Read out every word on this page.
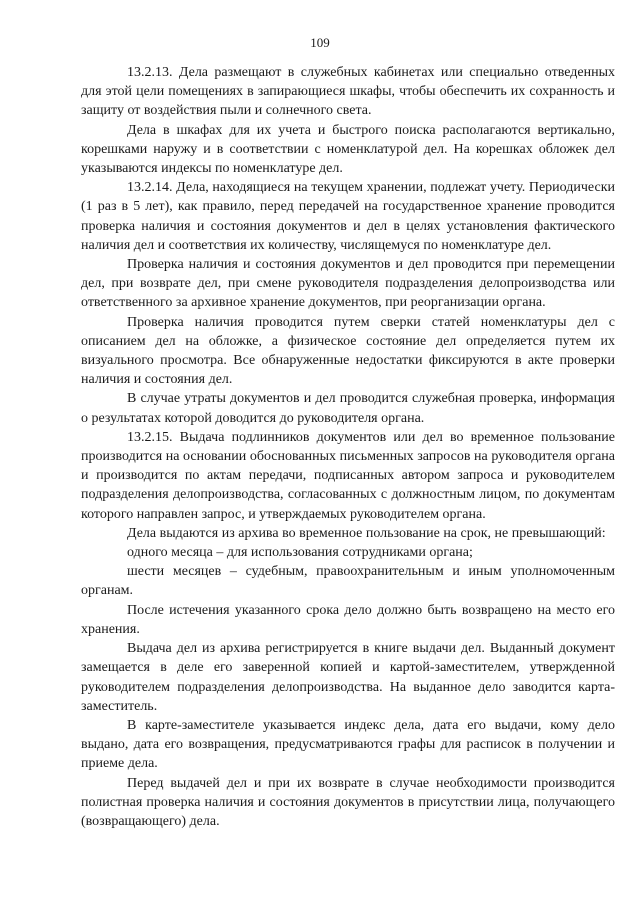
109

13.2.13. Дела размещают в служебных кабинетах или специально отведенных для этой цели помещениях в запирающиеся шкафы, чтобы обеспечить их сохранность и защиту от воздействия пыли и солнечного света.

Дела в шкафах для их учета и быстрого поиска располагаются вертикально, корешками наружу и в соответствии с номенклатурой дел. На корешках обложек дел указываются индексы по номенклатуре дел.

13.2.14. Дела, находящиеся на текущем хранении, подлежат учету. Периодически (1 раз в 5 лет), как правило, перед передачей на государственное хранение проводится проверка наличия и состояния документов и дел в целях установления фактического наличия дел и соответствия их количеству, числящемуся по номенклатуре дел.

Проверка наличия и состояния документов и дел проводится при перемещении дел, при возврате дел, при смене руководителя подразделения делопроизводства или ответственного за архивное хранение документов, при реорганизации органа.

Проверка наличия проводится путем сверки статей номенклатуры дел с описанием дел на обложке, а физическое состояние дел определяется путем их визуального просмотра. Все обнаруженные недостатки фиксируются в акте проверки наличия и состояния дел.

В случае утраты документов и дел проводится служебная проверка, информация о результатах которой доводится до руководителя органа.

13.2.15. Выдача подлинников документов или дел во временное пользование производится на основании обоснованных письменных запросов на руководителя органа и производится по актам передачи, подписанных автором запроса и руководителем подразделения делопроизводства, согласованных с должностным лицом, по документам которого направлен запрос, и утверждаемых руководителем органа.

Дела выдаются из архива во временное пользование на срок, не превышающий:

одного месяца – для использования сотрудниками органа;

шести месяцев – судебным, правоохранительным и иным уполномоченным органам.

После истечения указанного срока дело должно быть возвращено на место его хранения.

Выдача дел из архива регистрируется в книге выдачи дел. Выданный документ замещается в деле его заверенной копией и картой-заместителем, утвержденной руководителем подразделения делопроизводства. На выданное дело заводится карта-заместитель.

В карте-заместителе указывается индекс дела, дата его выдачи, кому дело выдано, дата его возвращения, предусматриваются графы для расписок в получении и приеме дела.

Перед выдачей дел и при их возврате в случае необходимости производится полистная проверка наличия и состояния документов в присутствии лица, получающего (возвращающего) дела.
